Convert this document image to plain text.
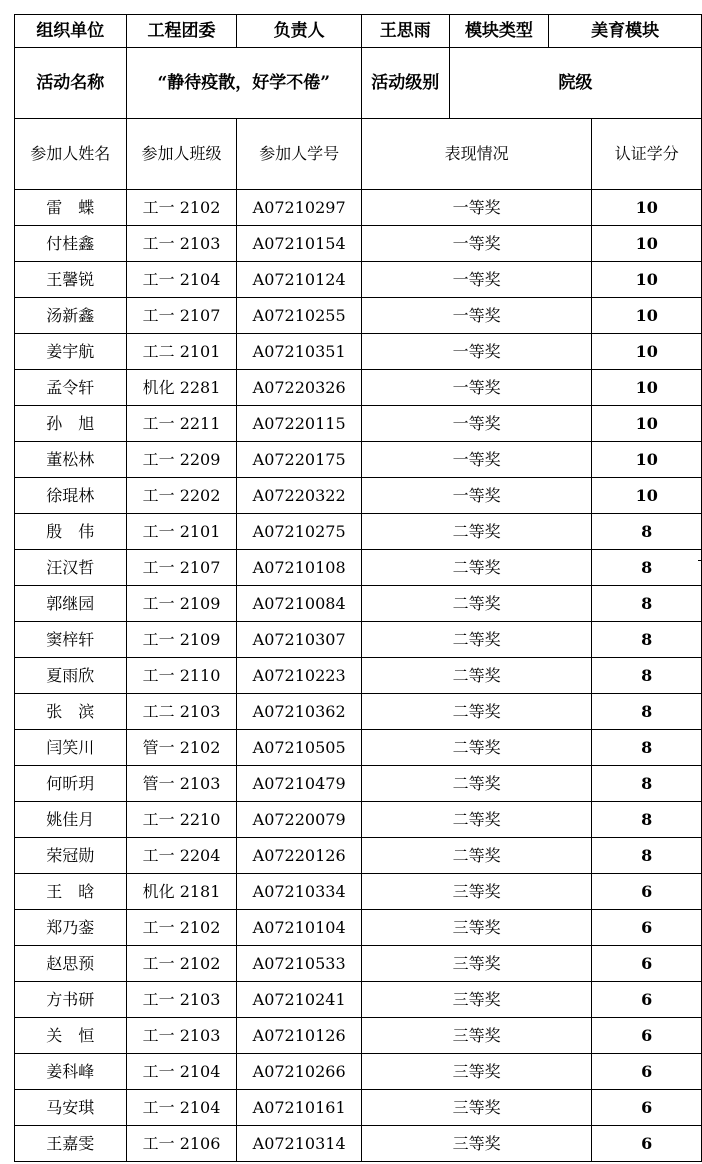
组织单位	工程团委	负责人	王思雨	模块类型	美育模块	
活动名称	“静待疫散，好学不倦”		活动级别	院级		
参加人姓名	参加人班级	参加人学号	表现情况			认证学分
雷　蝶	工一 2102	A07210297	一等奖			10
付桂鑫	工一 2103	A07210154	一等奖			10
王馨锐	工一 2104	A07210124	一等奖			10
汤新鑫	工一 2107	A07210255	一等奖			10
姜宇航	工二 2101	A07210351	一等奖			10
孟令轩	机化 2281	A07220326	一等奖			10
孙　旭	工一 2211	A07220115	一等奖			10
董松林	工一 2209	A07220175	一等奖			10
徐琨林	工一 2202	A07220322	一等奖			10
殷　伟	工一 2101	A07210275	二等奖			8
汪汉哲	工一 2107	A07210108	二等奖			8
郭继园	工一 2109	A07210084	二等奖			8
窦梓轩	工一 2109	A07210307	二等奖			8
夏雨欣	工一 2110	A07210223	二等奖			8
张　滨	工二 2103	A07210362	二等奖			8
闫笑川	管一 2102	A07210505	二等奖			8
何昕玥	管一 2103	A07210479	二等奖			8
姚佳月	工一 2210	A07220079	二等奖			8
荣冠勋	工一 2204	A07220126	二等奖			8
王　晗	机化 2181	A07210334	三等奖			6
郑乃銮	工一 2102	A07210104	三等奖			6
赵思预	工一 2102	A07210533	三等奖			6
方书研	工一 2103	A07210241	三等奖			6
关　恒	工一 2103	A07210126	三等奖			6
姜科峰	工一 2104	A07210266	三等奖			6
马安琪	工一 2104	A07210161	三等奖			6
王嘉雯	工一 2106	A07210314	三等奖			6
